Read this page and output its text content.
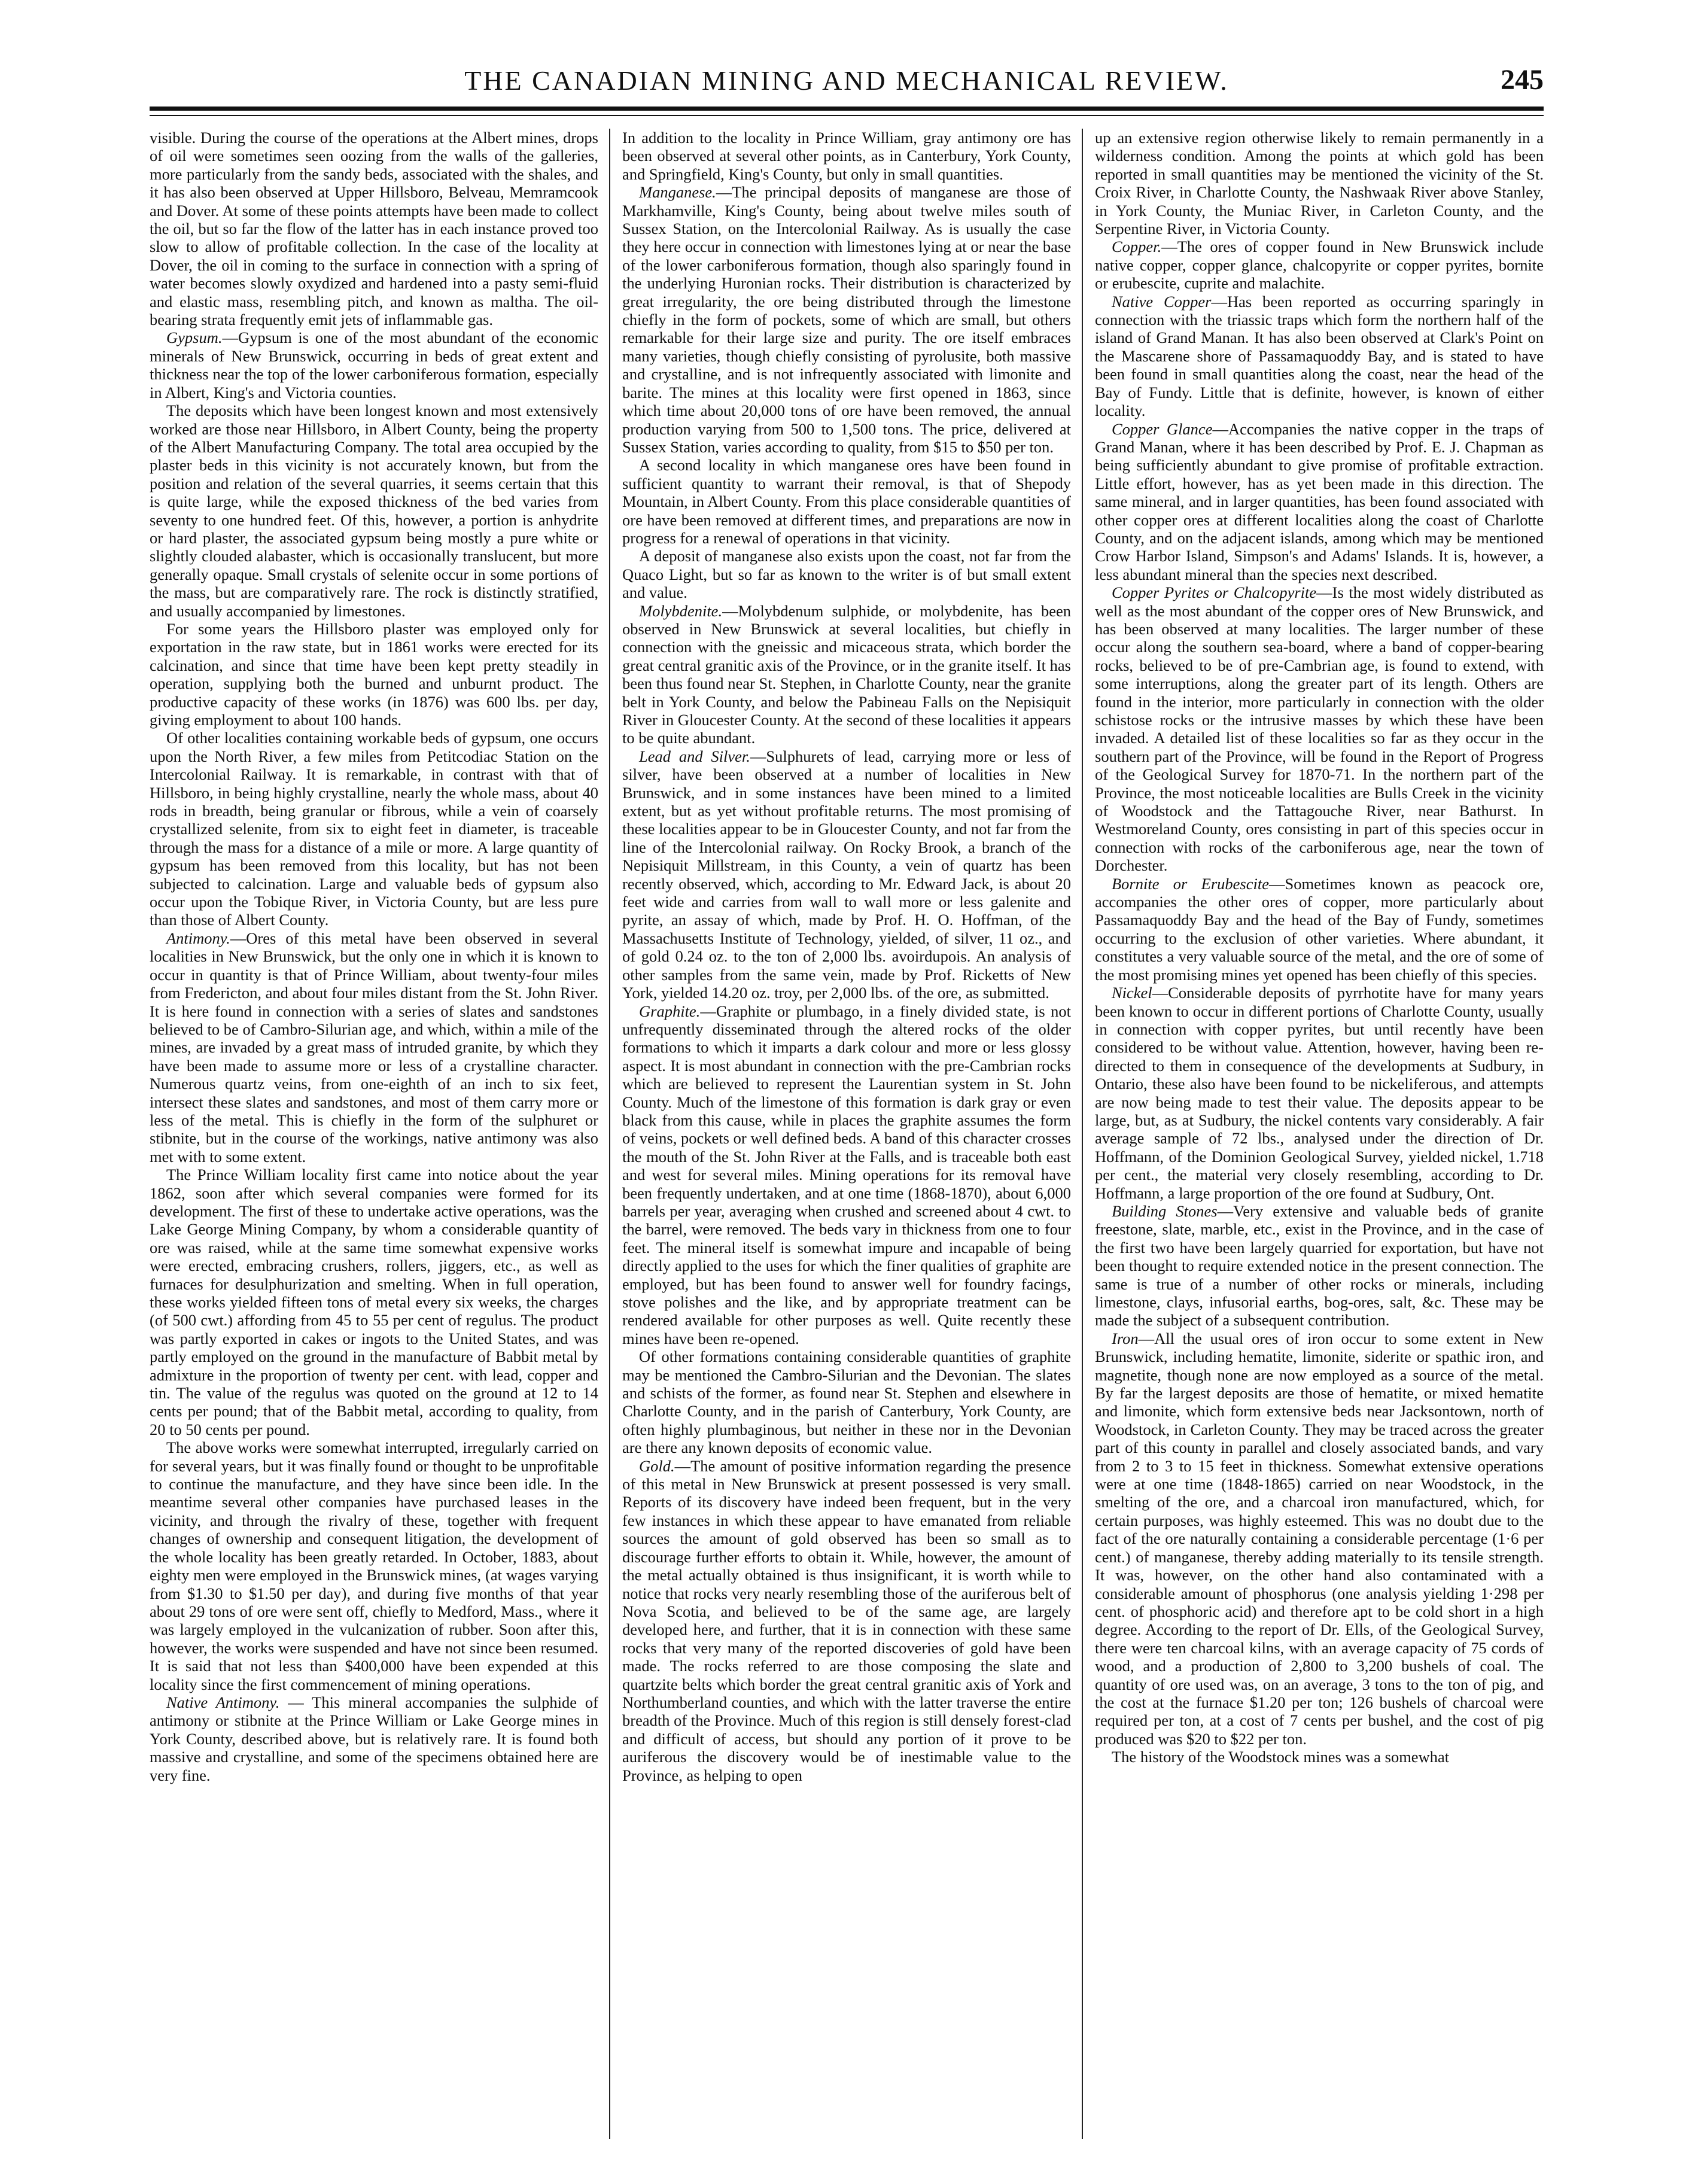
THE CANADIAN MINING AND MECHANICAL REVIEW.	245

visible. During the course of the operations at the Albert mines, drops of oil were sometimes seen oozing from the walls of the galleries, more particularly from the sandy beds, associated with the shales, and it has also been observed at Upper Hillsboro, Belveau, Memramcook and Dover. At some of these points attempts have been made to collect the oil, but so far the flow of the latter has in each instance proved too slow to allow of profitable collection. In the case of the locality at Dover, the oil in coming to the surface in connection with a spring of water becomes slowly oxydized and hardened into a pasty semi-fluid and elastic mass, resembling pitch, and known as maltha. The oil-bearing strata frequently emit jets of inflammable gas.

Gypsum.—Gypsum is one of the most abundant of the economic minerals of New Brunswick, occurring in beds of great extent and thickness near the top of the lower carboniferous formation, especially in Albert, King's and Victoria counties.

The deposits which have been longest known and most extensively worked are those near Hillsboro, in Albert County, being the property of the Albert Manufacturing Company. The total area occupied by the plaster beds in this vicinity is not accurately known, but from the position and relation of the several quarries, it seems certain that this is quite large, while the exposed thickness of the bed varies from seventy to one hundred feet. Of this, however, a portion is anhydrite or hard plaster, the associated gypsum being mostly a pure white or slightly clouded alabaster, which is occasionally translucent, but more generally opaque. Small crystals of selenite occur in some portions of the mass, but are comparatively rare. The rock is distinctly stratified, and usually accompanied by limestones.

For some years the Hillsboro plaster was employed only for exportation in the raw state, but in 1861 works were erected for its calcination, and since that time have been kept pretty steadily in operation, supplying both the burned and unburnt product. The productive capacity of these works (in 1876) was 600 lbs. per day, giving employment to about 100 hands.

Of other localities containing workable beds of gypsum, one occurs upon the North River, a few miles from Petitcodiac Station on the Intercolonial Railway. It is remarkable, in contrast with that of Hillsboro, in being highly crystalline, nearly the whole mass, about 40 rods in breadth, being granular or fibrous, while a vein of coarsely crystallized selenite, from six to eight feet in diameter, is traceable through the mass for a distance of a mile or more. A large quantity of gypsum has been removed from this locality, but has not been subjected to calcination. Large and valuable beds of gypsum also occur upon the Tobique River, in Victoria County, but are less pure than those of Albert County.

Antimony.—Ores of this metal have been observed in several localities in New Brunswick, but the only one in which it is known to occur in quantity is that of Prince William, about twenty-four miles from Fredericton, and about four miles distant from the St. John River. It is here found in connection with a series of slates and sandstones believed to be of Cambro-Silurian age, and which, within a mile of the mines, are invaded by a great mass of intruded granite, by which they have been made to assume more or less of a crystalline character. Numerous quartz veins, from one-eighth of an inch to six feet, intersect these slates and sandstones, and most of them carry more or less of the metal. This is chiefly in the form of the sulphuret or stibnite, but in the course of the workings, native antimony was also met with to some extent.

The Prince William locality first came into notice about the year 1862, soon after which several companies were formed for its development. The first of these to undertake active operations, was the Lake George Mining Company, by whom a considerable quantity of ore was raised, while at the same time somewhat expensive works were erected, embracing crushers, rollers, jiggers, etc., as well as furnaces for desulphurization and smelting. When in full operation, these works yielded fifteen tons of metal every six weeks, the charges (of 500 cwt.) affording from 45 to 55 per cent of regulus. The product was partly exported in cakes or ingots to the United States, and was partly employed on the ground in the manufacture of Babbit metal by admixture in the proportion of twenty per cent. with lead, copper and tin. The value of the regulus was quoted on the ground at 12 to 14 cents per pound; that of the Babbit metal, according to quality, from 20 to 50 cents per pound.

The above works were somewhat interrupted, irregularly carried on for several years, but it was finally found or thought to be unprofitable to continue the manufacture, and they have since been idle. In the meantime several other companies have purchased leases in the vicinity, and through the rivalry of these, together with frequent changes of ownership and consequent litigation, the development of the whole locality has been greatly retarded. In October, 1883, about eighty men were employed in the Brunswick mines, (at wages varying from $1.30 to $1.50 per day), and during five months of that year about 29 tons of ore were sent off, chiefly to Medford, Mass., where it was largely employed in the vulcanization of rubber. Soon after this, however, the works were suspended and have not since been resumed. It is said that not less than $400,000 have been expended at this locality since the first commencement of mining operations.

Native Antimony. — This mineral accompanies the sulphide of antimony or stibnite at the Prince William or Lake George mines in York County, described above, but is relatively rare. It is found both massive and crystalline, and some of the specimens obtained here are very fine.

In addition to the locality in Prince William, gray antimony ore has been observed at several other points, as in Canterbury, York County, and Springfield, King's County, but only in small quantities.

Manganese.—The principal deposits of manganese are those of Markhamville, King's County, being about twelve miles south of Sussex Station, on the Intercolonial Railway. As is usually the case they here occur in connection with limestones lying at or near the base of the lower carboniferous formation, though also sparingly found in the underlying Huronian rocks. Their distribution is characterized by great irregularity, the ore being distributed through the limestone chiefly in the form of pockets, some of which are small, but others remarkable for their large size and purity. The ore itself embraces many varieties, though chiefly consisting of pyrolusite, both massive and crystalline, and is not infrequently associated with limonite and barite. The mines at this locality were first opened in 1863, since which time about 20,000 tons of ore have been removed, the annual production varying from 500 to 1,500 tons. The price, delivered at Sussex Station, varies according to quality, from $15 to $50 per ton.

A second locality in which manganese ores have been found in sufficient quantity to warrant their removal, is that of Shepody Mountain, in Albert County. From this place considerable quantities of ore have been removed at different times, and preparations are now in progress for a renewal of operations in that vicinity.

A deposit of manganese also exists upon the coast, not far from the Quaco Light, but so far as known to the writer is of but small extent and value.

Molybdenite.—Molybdenum sulphide, or molybdenite, has been observed in New Brunswick at several localities, but chiefly in connection with the gneissic and micaceous strata, which border the great central granitic axis of the Province, or in the granite itself. It has been thus found near St. Stephen, in Charlotte County, near the granite belt in York County, and below the Pabineau Falls on the Nepisiquit River in Gloucester County. At the second of these localities it appears to be quite abundant.

Lead and Silver.—Sulphurets of lead, carrying more or less of silver, have been observed at a number of localities in New Brunswick, and in some instances have been mined to a limited extent, but as yet without profitable returns. The most promising of these localities appear to be in Gloucester County, and not far from the line of the Intercolonial railway. On Rocky Brook, a branch of the Nepisiquit Millstream, in this County, a vein of quartz has been recently observed, which, according to Mr. Edward Jack, is about 20 feet wide and carries from wall to wall more or less galenite and pyrite, an assay of which, made by Prof. H. O. Hoffman, of the Massachusetts Institute of Technology, yielded, of silver, 11 oz., and of gold 0.24 oz. to the ton of 2,000 lbs. avoirdupois. An analysis of other samples from the same vein, made by Prof. Ricketts of New York, yielded 14.20 oz. troy, per 2,000 lbs. of the ore, as submitted.

Graphite.—Graphite or plumbago, in a finely divided state, is not unfrequently disseminated through the altered rocks of the older formations to which it imparts a dark colour and more or less glossy aspect. It is most abundant in connection with the pre-Cambrian rocks which are believed to represent the Laurentian system in St. John County. Much of the limestone of this formation is dark gray or even black from this cause, while in places the graphite assumes the form of veins, pockets or well defined beds. A band of this character crosses the mouth of the St. John River at the Falls, and is traceable both east and west for several miles. Mining operations for its removal have been frequently undertaken, and at one time (1868-1870), about 6,000 barrels per year, averaging when crushed and screened about 4 cwt. to the barrel, were removed. The beds vary in thickness from one to four feet. The mineral itself is somewhat impure and incapable of being directly applied to the uses for which the finer qualities of graphite are employed, but has been found to answer well for foundry facings, stove polishes and the like, and by appropriate treatment can be rendered available for other purposes as well. Quite recently these mines have been re-opened.

Of other formations containing considerable quantities of graphite may be mentioned the Cambro-Silurian and the Devonian. The slates and schists of the former, as found near St. Stephen and elsewhere in Charlotte County, and in the parish of Canterbury, York County, are often highly plumbaginous, but neither in these nor in the Devonian are there any known deposits of economic value.

Gold.—The amount of positive information regarding the presence of this metal in New Brunswick at present possessed is very small. Reports of its discovery have indeed been frequent, but in the very few instances in which these appear to have emanated from reliable sources the amount of gold observed has been so small as to discourage further efforts to obtain it. While, however, the amount of the metal actually obtained is thus insignificant, it is worth while to notice that rocks very nearly resembling those of the auriferous belt of Nova Scotia, and believed to be of the same age, are largely developed here, and further, that it is in connection with these same rocks that very many of the reported discoveries of gold have been made. The rocks referred to are those composing the slate and quartzite belts which border the great central granitic axis of York and Northumberland counties, and which with the latter traverse the entire breadth of the Province. Much of this region is still densely forest-clad and difficult of access, but should any portion of it prove to be auriferous the discovery would be of inestimable value to the Province, as helping to open

up an extensive region otherwise likely to remain permanently in a wilderness condition. Among the points at which gold has been reported in small quantities may be mentioned the vicinity of the St. Croix River, in Charlotte County, the Nashwaak River above Stanley, in York County, the Muniac River, in Carleton County, and the Serpentine River, in Victoria County.

Copper.—The ores of copper found in New Brunswick include native copper, copper glance, chalcopyrite or copper pyrites, bornite or erubescite, cuprite and malachite.

Native Copper—Has been reported as occurring sparingly in connection with the triassic traps which form the northern half of the island of Grand Manan. It has also been observed at Clark's Point on the Mascarene shore of Passamaquoddy Bay, and is stated to have been found in small quantities along the coast, near the head of the Bay of Fundy. Little that is definite, however, is known of either locality.

Copper Glance—Accompanies the native copper in the traps of Grand Manan, where it has been described by Prof. E. J. Chapman as being sufficiently abundant to give promise of profitable extraction. Little effort, however, has as yet been made in this direction. The same mineral, and in larger quantities, has been found associated with other copper ores at different localities along the coast of Charlotte County, and on the adjacent islands, among which may be mentioned Crow Harbor Island, Simpson's and Adams' Islands. It is, however, a less abundant mineral than the species next described.

Copper Pyrites or Chalcopyrite—Is the most widely distributed as well as the most abundant of the copper ores of New Brunswick, and has been observed at many localities. The larger number of these occur along the southern sea-board, where a band of copper-bearing rocks, believed to be of pre-Cambrian age, is found to extend, with some interruptions, along the greater part of its length. Others are found in the interior, more particularly in connection with the older schistose rocks or the intrusive masses by which these have been invaded. A detailed list of these localities so far as they occur in the southern part of the Province, will be found in the Report of Progress of the Geological Survey for 1870-71. In the northern part of the Province, the most noticeable localities are Bulls Creek in the vicinity of Woodstock and the Tattagouche River, near Bathurst. In Westmoreland County, ores consisting in part of this species occur in connection with rocks of the carboniferous age, near the town of Dorchester.

Bornite or Erubescite—Sometimes known as peacock ore, accompanies the other ores of copper, more particularly about Passamaquoddy Bay and the head of the Bay of Fundy, sometimes occurring to the exclusion of other varieties. Where abundant, it constitutes a very valuable source of the metal, and the ore of some of the most promising mines yet opened has been chiefly of this species.

Nickel—Considerable deposits of pyrrhotite have for many years been known to occur in different portions of Charlotte County, usually in connection with copper pyrites, but until recently have been considered to be without value. Attention, however, having been re-directed to them in consequence of the developments at Sudbury, in Ontario, these also have been found to be nickeliferous, and attempts are now being made to test their value. The deposits appear to be large, but, as at Sudbury, the nickel contents vary considerably. A fair average sample of 72 lbs., analysed under the direction of Dr. Hoffmann, of the Dominion Geological Survey, yielded nickel, 1.718 per cent., the material very closely resembling, according to Dr. Hoffmann, a large proportion of the ore found at Sudbury, Ont.

Building Stones—Very extensive and valuable beds of granite freestone, slate, marble, etc., exist in the Province, and in the case of the first two have been largely quarried for exportation, but have not been thought to require extended notice in the present connection. The same is true of a number of other rocks or minerals, including limestone, clays, infusorial earths, bog-ores, salt, &c. These may be made the subject of a subsequent contribution.

Iron—All the usual ores of iron occur to some extent in New Brunswick, including hematite, limonite, siderite or spathic iron, and magnetite, though none are now employed as a source of the metal. By far the largest deposits are those of hematite, or mixed hematite and limonite, which form extensive beds near Jacksontown, north of Woodstock, in Carleton County. They may be traced across the greater part of this county in parallel and closely associated bands, and vary from 2 to 3 to 15 feet in thickness. Somewhat extensive operations were at one time (1848-1865) carried on near Woodstock, in the smelting of the ore, and a charcoal iron manufactured, which, for certain purposes, was highly esteemed. This was no doubt due to the fact of the ore naturally containing a considerable percentage (1·6 per cent.) of manganese, thereby adding materially to its tensile strength. It was, however, on the other hand also contaminated with a considerable amount of phosphorus (one analysis yielding 1·298 per cent. of phosphoric acid) and therefore apt to be cold short in a high degree. According to the report of Dr. Ells, of the Geological Survey, there were ten charcoal kilns, with an average capacity of 75 cords of wood, and a production of 2,800 to 3,200 bushels of coal. The quantity of ore used was, on an average, 3 tons to the ton of pig, and the cost at the furnace $1.20 per ton; 126 bushels of charcoal were required per ton, at a cost of 7 cents per bushel, and the cost of pig produced was $20 to $22 per ton.

The history of the Woodstock mines was a somewhat
